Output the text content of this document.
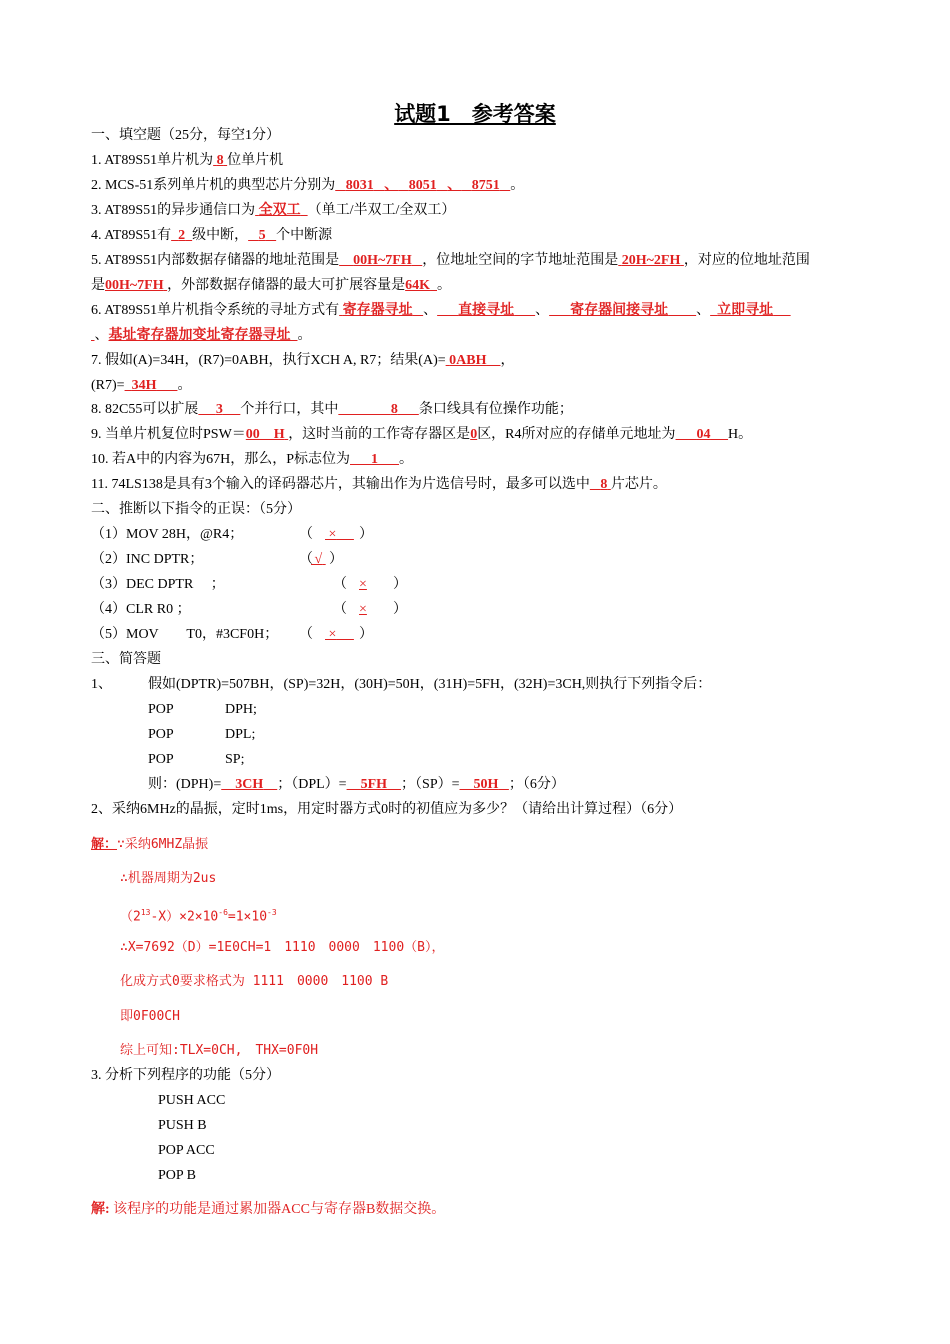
试题1　参考答案
一、填空题（25分，每空1分）
1. AT89S51单片机为 8 位单片机
2. MCS-51系列单片机的典型芯片分别为 8031 、 8051 、 8751 。
3. AT89S51的异步通信口为 全双工 （单工/半双工/全双工）
4. AT89S51有 2 级中断， 5 个中断源
5. AT89S51内部数据存储器的地址范围是 00H~7FH ，位地址空间的字节地址范围是 20H~2FH ，对应的位地址范围
是00H~7FH ，外部数据存储器的最大可扩展容量是64K 。
6. AT89S51单片机指令系统的寻址方式有 寄存器寻址 、 直接寻址 、 寄存器间接寻址 、 立即寻址
、基址寄存器加变址寄存器寻址 。
7. 假如(A)=34H，(R7)=0ABH，执行XCH A, R7；结果(A)= 0ABH ，
(R7)= 34H 。
8. 82C55可以扩展 3 个并行口，其中	8 条口线具有位操作功能；
9. 当单片机复位时PSW＝00　H ，这时当前的工作寄存器区是0区，R4所对应的存储单元地址为 04 H。
10. 若A中的内容为67H，那么，P标志位为 1 。
11. 74LS138是具有3个输入的译码器芯片，其输出作为片选信号时，最多可以选中 8 片芯片。
二、推断以下指令的正误：（5分）
（1）MOV 28H，@R4；	（ ×	）
（2）INC DPTR；	（ √ ）
（3）DEC DPTR　 ；	（ × ）
（4）CLR R0 ；	（ × ）
（5）MOV　　T0，#3CF0H； （ ×	）
三、简答题
1、	假如(DPTR)=507BH，(SP)=32H，(30H)=50H，(31H)=5FH，(32H)=3CH,则执行下列指令后：
POP	DPH;
POP	DPL;
POP	SP;
则：(DPH)= 3CH ；（DPL）= 5FH ；（SP）= 50H ；（6分）
2、采纳6MHz的晶振，定时1ms，用定时器方式0时的初值应为多少？（请给出计算过程）（6分）
解：∵采纳6MHZ晶振
∴机器周期为2us
$(2^{13}-X)\times 2\times 10^{-6}=1\times 10^{-3}$
∴X=7692（D）=1E0CH=1　1110　0000　1100（B），
化成方式0要求格式为 1111　0000　1100 B
即0F00CH
综上可知:TLX=0CH,　THX=0F0H
3. 分析下列程序的功能（5分）
PUSH ACC
PUSH B
POP ACC
POP B
解: 该程序的功能是通过累加器ACC与寄存器B数据交换。
